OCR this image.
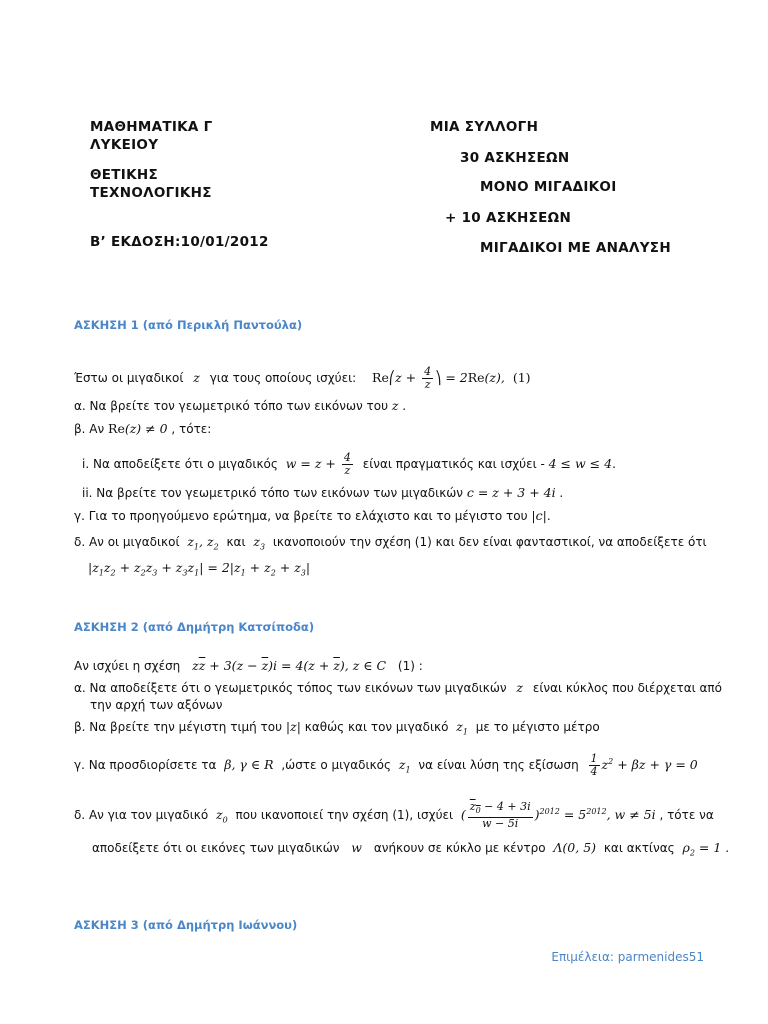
ΜΑΘΗΜΑΤΙΚΑ Γ
ΛΥΚΕΙΟΥ
ΘΕΤΙΚΗΣ
ΤΕΧΝΟΛΟΓΙΚΗΣ
Β’ ΕΚΔΟΣΗ:10/01/2012
ΜΙΑ ΣΥΛΛΟΓΗ
30 ΑΣΚΗΣΕΩΝ
ΜΟΝΟ ΜΙΓΑΔΙΚΟΙ
+ 10 ΑΣΚΗΣΕΩΝ
ΜΙΓΑΔΙΚΟΙ ΜΕ ΑΝΑΛΥΣΗ
ΑΣΚΗΣΗ 1 (από Περικλή Παντούλα)
Έστω οι μιγαδικοί z για τους οποίους ισχύει: Re⎛z + $\frac{4}{z}$ ⎞ = 2Re(z),  (1)
α. Να βρείτε τον γεωμετρικό τόπο των εικόνων του z .
β. Αν Re(z) ≠ 0 , τότε:
i. Να αποδείξετε ότι ο μιγαδικός $w = z + \frac{4}{z}$ είναι πραγματικός και ισχύει - 4 ≤ w ≤ 4.
ii. Να βρείτε τον γεωμετρικό τόπο των εικόνων των μιγαδικών c = z + 3 + 4i .
γ. Για το προηγούμενο ερώτημα, να βρείτε το ελάχιστο και το μέγιστο του |c|.
δ. Αν οι μιγαδικοί $z_1$, $z_2$ και $z_3$ ικανοποιούν την σχέση (1) και δεν είναι φανταστικοί, να αποδείξετε ότι
$|z_1z_2 + z_2z_3 + z_3z_1| = 2|z_1 + z_2 + z_3|$
ΑΣΚΗΣΗ 2 (από Δημήτρη Κατσίποδα)
Αν ισχύει η σχέση $z\overline{z} + 3(z - \overline{z})i = 4(z + \overline{z})$, z ∈ C (1) :
α. Να αποδείξετε ότι ο γεωμετρικός τόπος των εικόνων των μιγαδικών z είναι κύκλος που διέρχεται από
την αρχή των αξόνων
β. Να βρείτε την μέγιστη τιμή του |z| καθώς και τον μιγαδικό $z_1$ με το μέγιστο μέτρο
γ. Να προσδιορίσετε τα β, γ ∈ R ,ώστε ο μιγαδικός $z_1$ να είναι λύση της εξίσωση $\frac{1}{4} z^2 + \beta z + \gamma = 0$
δ. Αν για τον μιγαδικό $z_0$ που ικανοποιεί την σχέση (1), ισχύει ( $\frac{z_0 - 4 + 3i}{w - 5i} )^{2012} = 5^{2012}$, w ≠ 5i , τότε να
αποδείξετε ότι οι εικόνες των μιγαδικών w ανήκουν σε κύκλο με κέντρο Λ(0, 5) και ακτίνας $\rho_2 = 1$ .
ΑΣΚΗΣΗ 3 (από Δημήτρη Ιωάννου)
Επιμέλεια: parmenides51
